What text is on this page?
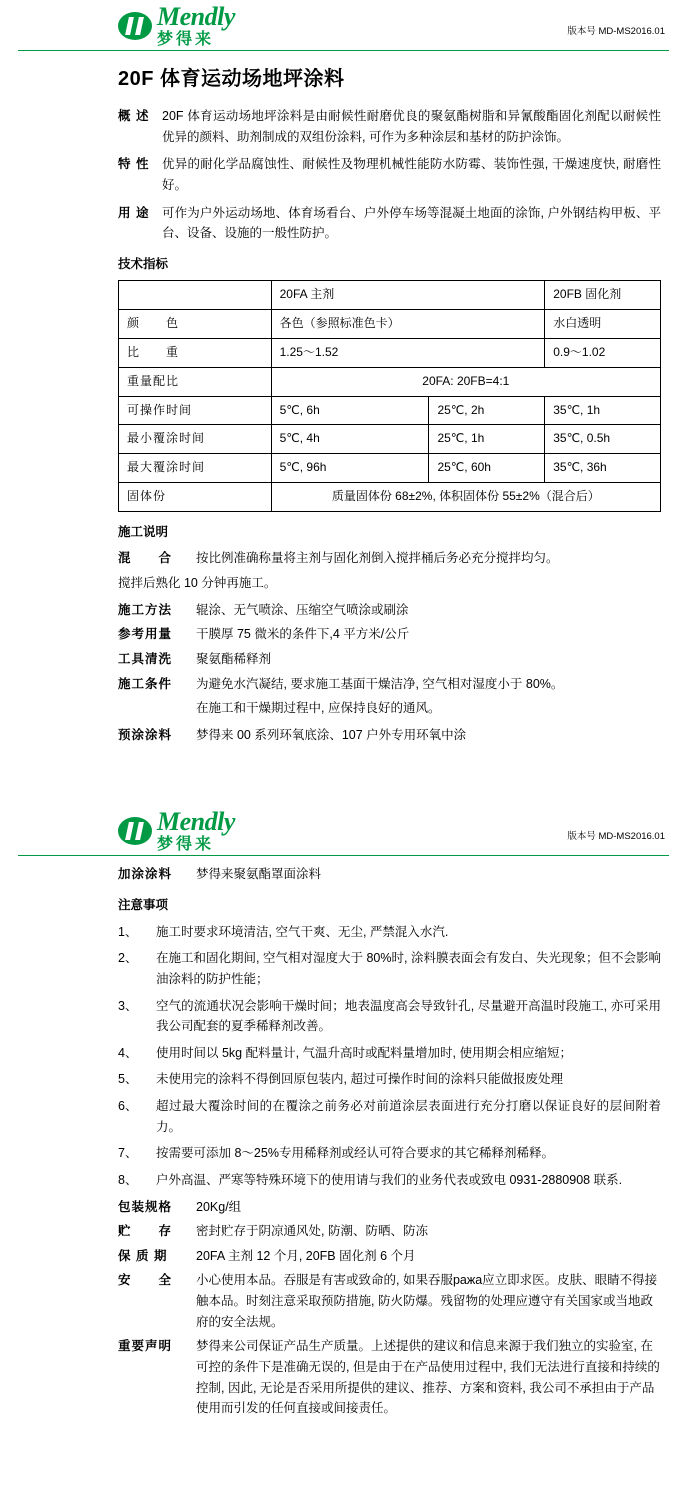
Mendly
梦得来	版本号 MD-MS2016.01
20F 体育运动场地坪涂料
概 述	20F 体育运动场地坪涂料是由耐候性耐磨优良的聚氨酯树脂和异氰酸酯固化剂配以耐候性优异的颜料、助剂制成的双组份涂料, 可作为多种涂层和基材的防护涂饰。
特 性	优异的耐化学品腐蚀性、耐候性及物理机械性能防水防霉、装饰性强, 干燥速度快, 耐磨性好。
用 途	可作为户外运动场地、体育场看台、户外停车场等混凝土地面的涂饰, 户外钢结构甲板、平台、设备、设施的一般性防护。
技术指标
	20FA 主剂		20FB 固化剂
颜　　色	各色（参照标准色卡）		水白透明
比　　重	1.25～1.52		0.9～1.02
重量配比	20FA: 20FB=4:1		
可操作时间	5℃, 6h	25℃, 2h	35℃, 1h
最小覆涂时间	5℃, 4h	25℃, 1h	35℃, 0.5h
最大覆涂时间	5℃, 96h	25℃, 60h	35℃, 36h
固体份	质量固体份 68±2%, 体积固体份 55±2%（混合后）		
施工说明
混　　合	按比例准确称量将主剂与固化剂倒入搅拌桶后务必充分搅拌均匀。
搅拌后熟化 10 分钟再施工。
施工方法	辊涂、无气喷涂、压缩空气喷涂或刷涂
参考用量	干膜厚 75 微米的条件下,4 平方米/公斤
工具清洗	聚氨酯稀释剂
施工条件	为避免水汽凝结, 要求施工基面干燥洁净, 空气相对湿度小于 80%。
在施工和干燥期过程中, 应保持良好的通风。
预涂涂料	梦得来 00 系列环氧底涂、107 户外专用环氧中涂
Mendly
梦得来	版本号 MD-MS2016.01
加涂涂料	梦得来聚氨酯罩面涂料
注意事项
1、	施工时要求环境清洁, 空气干爽、无尘, 严禁混入水汽.
2、	在施工和固化期间, 空气相对湿度大于 80%时, 涂料膜表面会有发白、失光现象；但不会影响油涂料的防护性能；
3、	空气的流通状况会影响干燥时间；地表温度高会导致针孔, 尽量避开高温时段施工, 亦可采用我公司配套的夏季稀释剂改善。
4、	使用时间以 5kg 配料量计, 气温升高时或配料量增加时, 使用期会相应缩短；
5、	未使用完的涂料不得倒回原包装内, 超过可操作时间的涂料只能做报废处理
6、	超过最大覆涂时间的在覆涂之前务必对前道涂层表面进行充分打磨以保证良好的层间附着力。
7、	按需要可添加 8～25%专用稀释剂或经认可符合要求的其它稀释剂稀释。
8、	户外高温、严寒等特殊环境下的使用请与我们的业务代表或致电 0931-2880908 联系.
包装规格	20Kg/组
贮　　存	密封贮存于阴凉通风处, 防潮、防晒、防冻
保 质 期	20FA 主剂 12 个月, 20FB 固化剂 6 个月
安　　全	小心使用本品。吞服是有害或致命的, 如果吞服ража应立即求医。皮肤、眼睛不得接触本品。时刻注意采取预防措施, 防火防爆。残留物的处理应遵守有关国家或当地政府的安全法规。
重要声明	梦得来公司保证产品生产质量。上述提供的建议和信息来源于我们独立的实验室, 在可控的条件下是准确无误的, 但是由于在产品使用过程中, 我们无法进行直接和持续的控制, 因此, 无论是否采用所提供的建议、推荐、方案和资料, 我公司不承担由于产品使用而引发的任何直接或间接责任。
